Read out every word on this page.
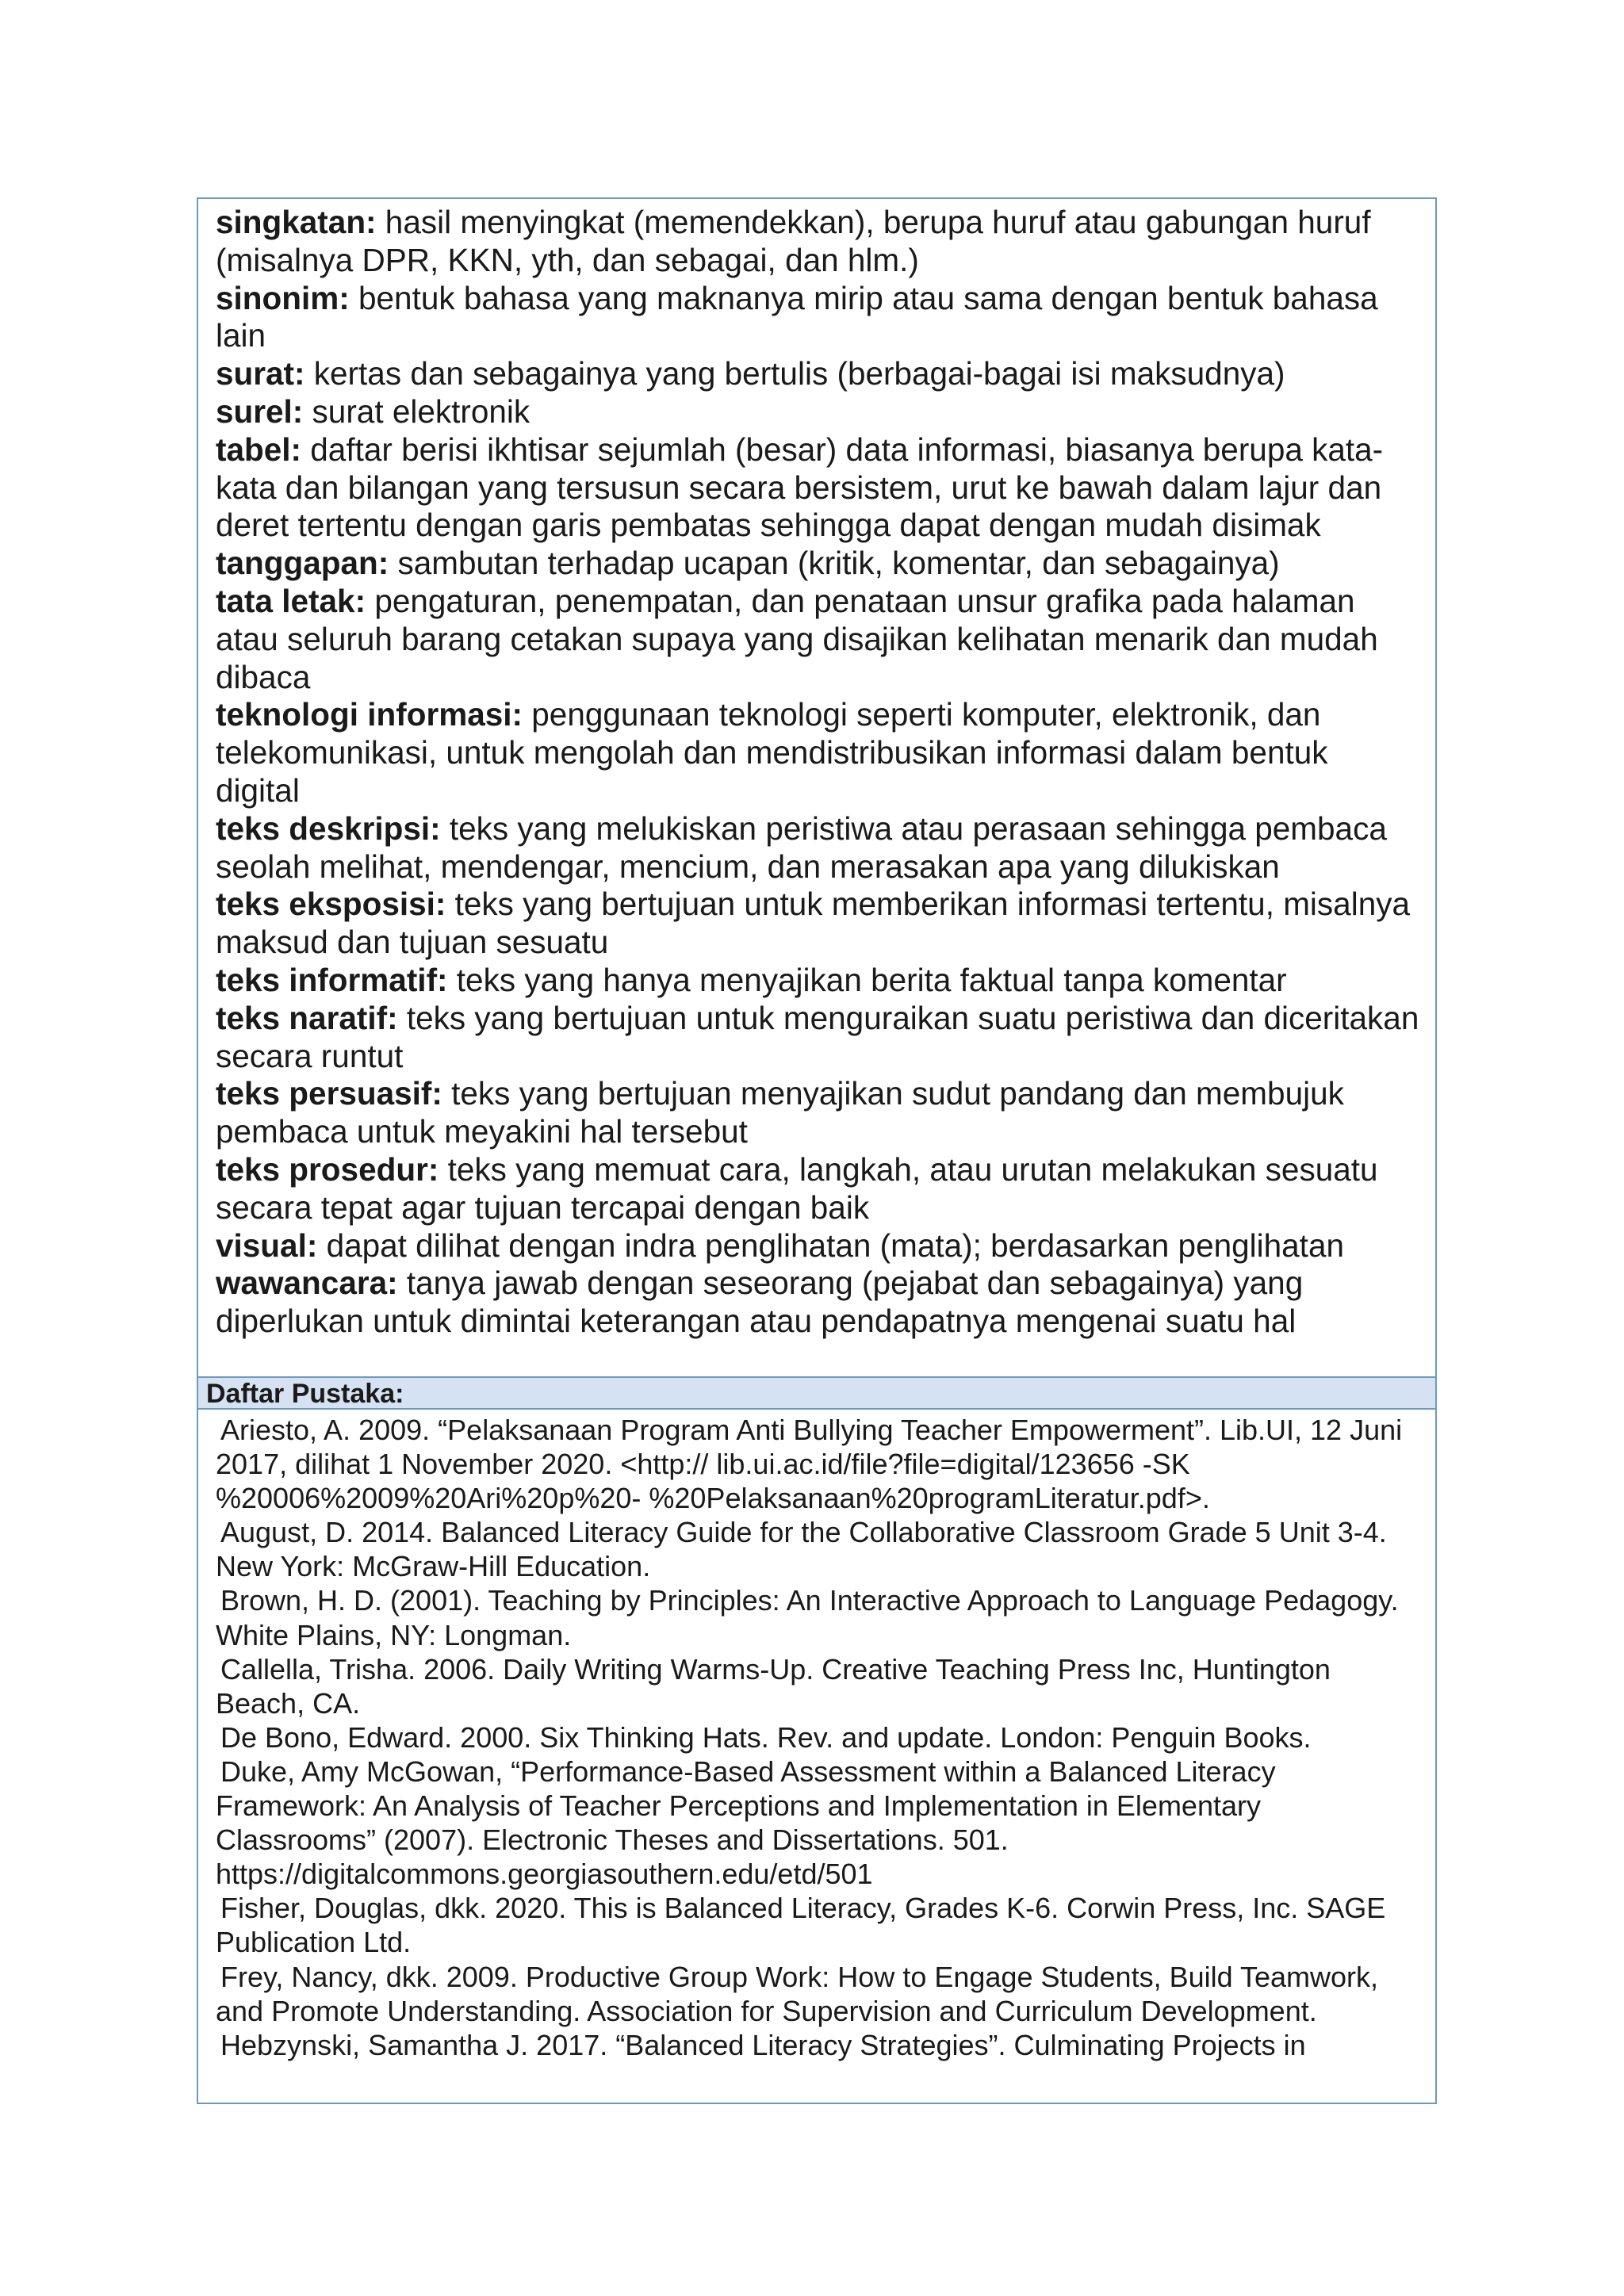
singkatan: hasil menyingkat (memendekkan), berupa huruf atau gabungan huruf (misalnya DPR, KKN, yth, dan sebagai, dan hlm.)

sinonim: bentuk bahasa yang maknanya mirip atau sama dengan bentuk bahasa lain

surat: kertas dan sebagainya yang bertulis (berbagai-bagai isi maksudnya)

surel: surat elektronik

tabel: daftar berisi ikhtisar sejumlah (besar) data informasi, biasanya berupa kata-kata dan bilangan yang tersusun secara bersistem, urut ke bawah dalam lajur dan deret tertentu dengan garis pembatas sehingga dapat dengan mudah disimak

tanggapan: sambutan terhadap ucapan (kritik, komentar, dan sebagainya)

tata letak: pengaturan, penempatan, dan penataan unsur grafika pada halaman atau seluruh barang cetakan supaya yang disajikan kelihatan menarik dan mudah dibaca

teknologi informasi: penggunaan teknologi seperti komputer, elektronik, dan telekomunikasi, untuk mengolah dan mendistribusikan informasi dalam bentuk digital

teks deskripsi: teks yang melukiskan peristiwa atau perasaan sehingga pembaca seolah melihat, mendengar, mencium, dan merasakan apa yang dilukiskan

teks eksposisi: teks yang bertujuan untuk memberikan informasi tertentu, misalnya maksud dan tujuan sesuatu

teks informatif: teks yang hanya menyajikan berita faktual tanpa komentar

teks naratif: teks yang bertujuan untuk menguraikan suatu peristiwa dan diceritakan secara runtut

teks persuasif: teks yang bertujuan menyajikan sudut pandang dan membujuk pembaca untuk meyakini hal tersebut

teks prosedur: teks yang memuat cara, langkah, atau urutan melakukan sesuatu secara tepat agar tujuan tercapai dengan baik

visual: dapat dilihat dengan indra penglihatan (mata); berdasarkan penglihatan

wawancara: tanya jawab dengan seseorang (pejabat dan sebagainya) yang diperlukan untuk dimintai keterangan atau pendapatnya mengenai suatu hal

Daftar Pustaka:

Ariesto, A. 2009. “Pelaksanaan Program Anti Bullying Teacher Empowerment”. Lib.UI, 12 Juni 2017, dilihat 1 November 2020. <http:// lib.ui.ac.id/file?file=digital/123656 -SK %20006%2009%20Ari%20p%20- %20Pelaksanaan%20programLiteratur.pdf>.

August, D. 2014. Balanced Literacy Guide for the Collaborative Classroom Grade 5 Unit 3-4. New York: McGraw-Hill Education.

Brown, H. D. (2001). Teaching by Principles: An Interactive Approach to Language Pedagogy. White Plains, NY: Longman.

Callella, Trisha. 2006. Daily Writing Warms-Up. Creative Teaching Press Inc, Huntington Beach, CA.

De Bono, Edward. 2000. Six Thinking Hats. Rev. and update. London: Penguin Books.

Duke, Amy McGowan, “Performance-Based Assessment within a Balanced Literacy Framework: An Analysis of Teacher Perceptions and Implementation in Elementary Classrooms” (2007). Electronic Theses and Dissertations. 501. https://digitalcommons.georgiasouthern.edu/etd/501

Fisher, Douglas, dkk. 2020. This is Balanced Literacy, Grades K-6. Corwin Press, Inc. SAGE Publication Ltd.

Frey, Nancy, dkk. 2009. Productive Group Work: How to Engage Students, Build Teamwork, and Promote Understanding. Association for Supervision and Curriculum Development.

Hebzynski, Samantha J. 2017. “Balanced Literacy Strategies”. Culminating Projects in
